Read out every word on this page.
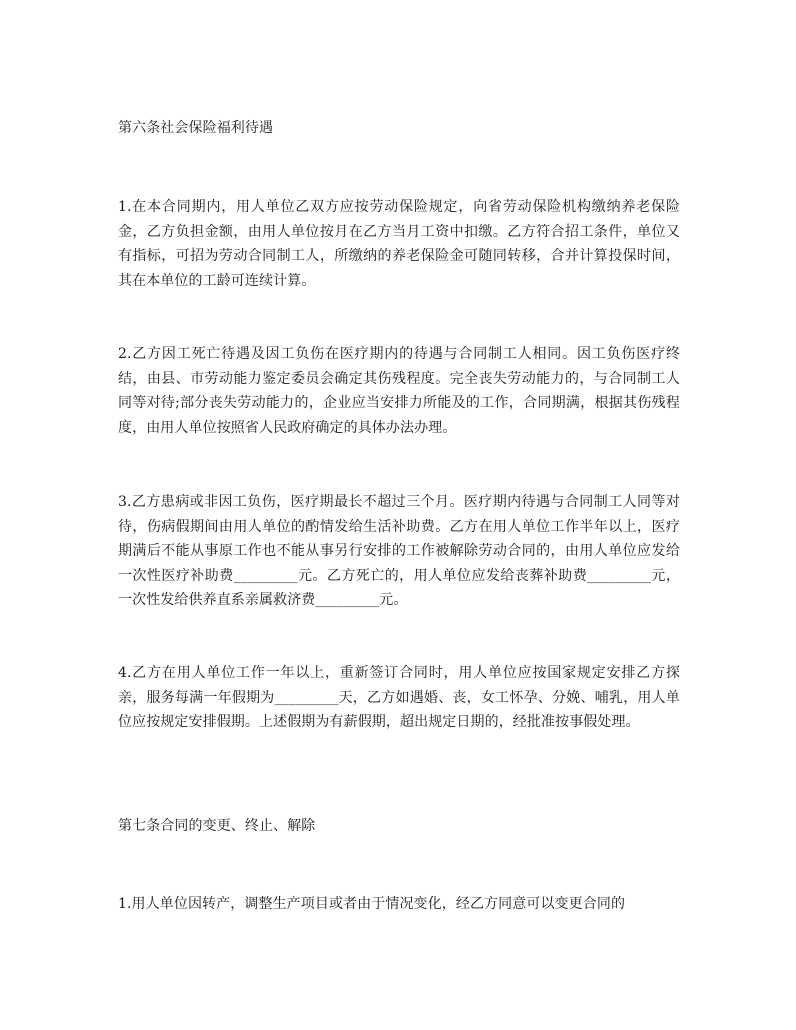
第六条社会保险福利待遇

1.在本合同期内，用人单位乙双方应按劳动保险规定，向省劳动保险机构缴纳养老保险金，乙方负担金额，由用人单位按月在乙方当月工资中扣缴。乙方符合招工条件，单位又有指标，可招为劳动合同制工人，所缴纳的养老保险金可随同转移，合并计算投保时间，其在本单位的工龄可连续计算。

2.乙方因工死亡待遇及因工负伤在医疗期内的待遇与合同制工人相同。因工负伤医疗终结，由县、市劳动能力鉴定委员会确定其伤残程度。完全丧失劳动能力的，与合同制工人同等对待;部分丧失劳动能力的，企业应当安排力所能及的工作，合同期满，根据其伤残程度，由用人单位按照省人民政府确定的具体办法办理。

3.乙方患病或非因工负伤，医疗期最长不超过三个月。医疗期内待遇与合同制工人同等对待，伤病假期间由用人单位的酌情发给生活补助费。乙方在用人单位工作半年以上，医疗期满后不能从事原工作也不能从事另行安排的工作被解除劳动合同的，由用人单位应发给一次性医疗补助费_________元。乙方死亡的，用人单位应发给丧葬补助费_________元，一次性发给供养直系亲属救济费_________元。

4.乙方在用人单位工作一年以上，重新签订合同时，用人单位应按国家规定安排乙方探亲，服务每满一年假期为_________天，乙方如遇婚、丧，女工怀孕、分娩、哺乳，用人单位应按规定安排假期。上述假期为有薪假期，超出规定日期的，经批准按事假处理。

第七条合同的变更、终止、解除

1.用人单位因转产，调整生产项目或者由于情况变化，经乙方同意可以变更合同的
